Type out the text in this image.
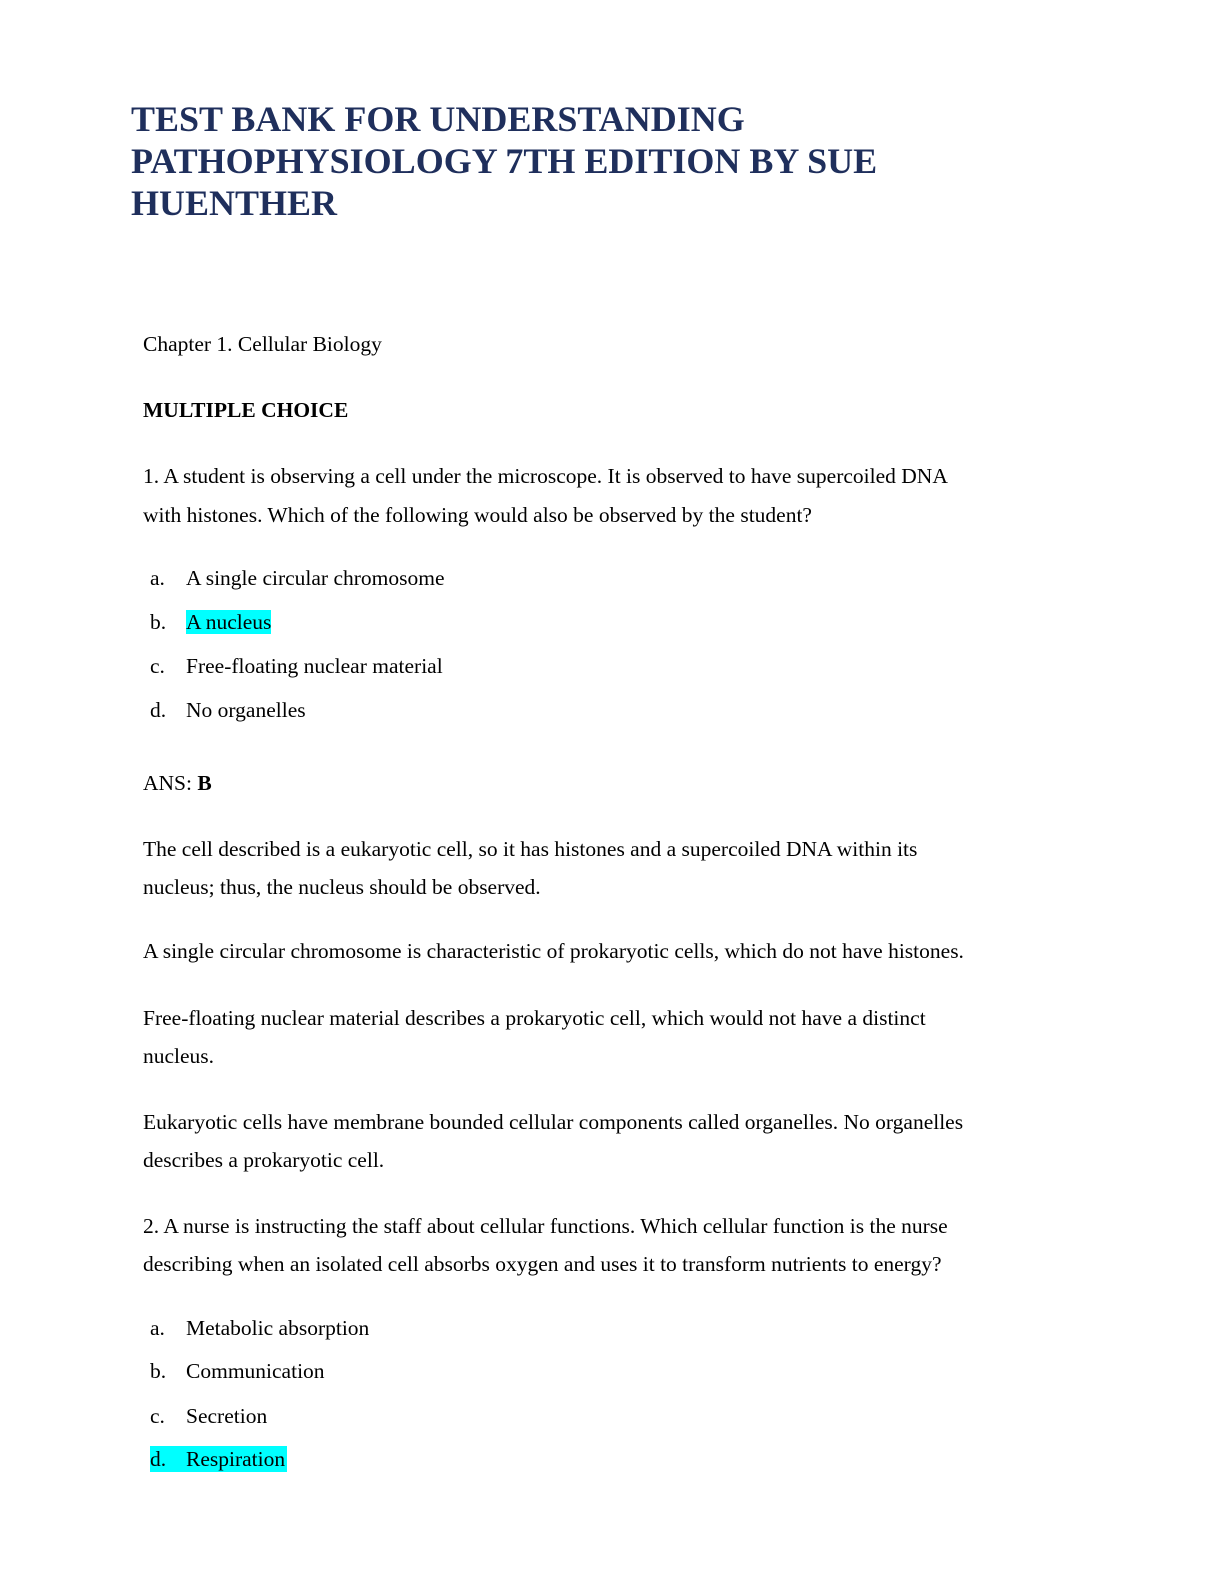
TEST BANK FOR UNDERSTANDING
PATHOPHYSIOLOGY 7TH EDITION BY SUE
HUENTHER
Chapter 1. Cellular Biology
MULTIPLE CHOICE
1. A student is observing a cell under the microscope. It is observed to have supercoiled DNA
with histones. Which of the following would also be observed by the student?
a. A single circular chromosome
b. A nucleus
c. Free-floating nuclear material
d. No organelles
ANS: B
The cell described is a eukaryotic cell, so it has histones and a supercoiled DNA within its
nucleus; thus, the nucleus should be observed.
A single circular chromosome is characteristic of prokaryotic cells, which do not have histones.
Free-floating nuclear material describes a prokaryotic cell, which would not have a distinct
nucleus.
Eukaryotic cells have membrane bounded cellular components called organelles. No organelles
describes a prokaryotic cell.
2. A nurse is instructing the staff about cellular functions. Which cellular function is the nurse
describing when an isolated cell absorbs oxygen and uses it to transform nutrients to energy?
a. Metabolic absorption
b. Communication
c. Secretion
d. Respiration
